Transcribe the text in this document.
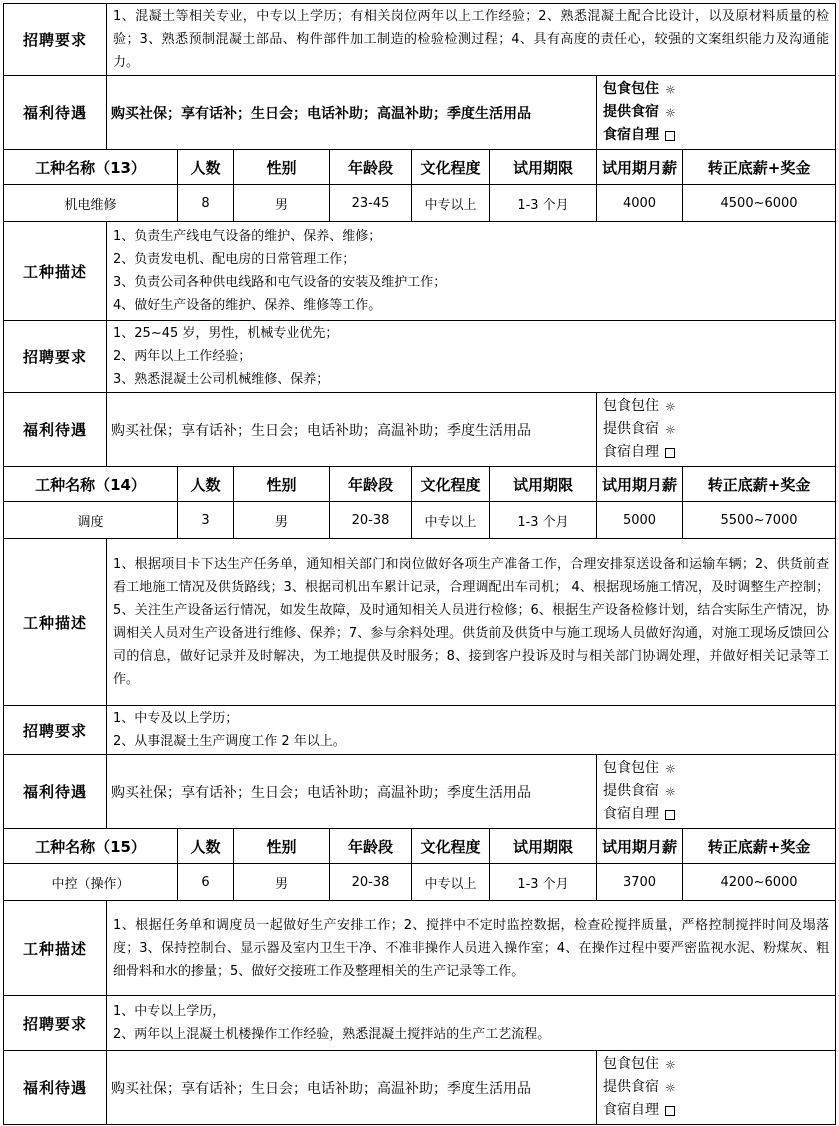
招聘要求	1、混凝土等相关专业，中专以上学历；有相关岗位两年以上工作经验；2、熟悉混凝土配合比设计，以及原材料质量的检验；3、熟悉预制混凝土部品、构件部件加工制造的检验检测过程；4、具有高度的责任心，较强的文案组织能力及沟通能力。							
福利待遇	购买社保；享有话补；生日会；电话补助；高温补助；季度生活用品						包食包住 ☼
提供食宿 ☼
食宿自理	

工种名称（13）		人数	性别	年龄段	文化程度	试用期限	试用期月薪	转正底薪+奖金
机电维修		8	男	23-45	中专以上	1-3 个月	4000	4500~6000
工种描述	1、负责生产线电气设备的维护、保养、维修；
2、负责发电机、配电房的日常管理工作；
3、负责公司各种供电线路和屯气设备的安装及维护工作；
4、做好生产设备的维护、保养、维修等工作。							

招聘要求	1、25~45 岁，男性，机械专业优先；
2、两年以上工作经验；
3、熟悉混凝土公司机械维修、保养；							

福利待遇	购买社保；享有话补；生日会；电话补助；高温补助；季度生活用品						包食包住 ☼
提供食宿 ☼
食宿自理	

工种名称（14）		人数	性别	年龄段	文化程度	试用期限	试用期月薪	转正底薪+奖金
调度		3	男	20-38	中专以上	1-3 个月	5000	5500~7000
工种描述	1、根据项目卡下达生产任务单，通知相关部门和岗位做好各项生产准备工作，合理安排泵送设备和运输车辆；2、供货前查看工地施工情况及供货路线；3、根据司机出车累计记录，合理调配出车司机； 4、根据现场施工情况，及时调整生产控制；5、关注生产设备运行情况，如发生故障，及时通知相关人员进行检修；6、根据生产设备检修计划，结合实际生产情况，协调相关人员对生产设备进行维修、保养；7、参与余料处理。供货前及供货中与施工现场人员做好沟通，对施工现场反馈回公司的信息，做好记录并及时解决，为工地提供及时服务；8、接到客户投诉及时与相关部门协调处理，并做好相关记录等工作。							
招聘要求	1、中专及以上学历；
2、从事混凝土生产调度工作 2 年以上。							

福利待遇	购买社保；享有话补；生日会；电话补助；高温补助；季度生活用品						包食包住 ☼
提供食宿 ☼
食宿自理	

工种名称（15）		人数	性别	年龄段	文化程度	试用期限	试用期月薪	转正底薪+奖金
中控（操作）		6	男	20-38	中专以上	1-3 个月	3700	4200~6000
工种描述	1、根据任务单和调度员一起做好生产安排工作；2、搅拌中不定时监控数据，检查砼搅拌质量，严格控制搅拌时间及塌落度；3、保持控制台、显示器及室内卫生干净、不准非操作人员进入操作室；4、在操作过程中要严密监视水泥、粉煤灰、粗细骨料和水的掺量；5、做好交接班工作及整理相关的生产记录等工作。							
招聘要求	1、中专以上学历，
2、两年以上混凝土机楼操作工作经验，熟悉混凝土搅拌站的生产工艺流程。							

福利待遇	购买社保；享有话补；生日会；电话补助；高温补助；季度生活用品						包食包住 ☼
提供食宿 ☼
食宿自理	
